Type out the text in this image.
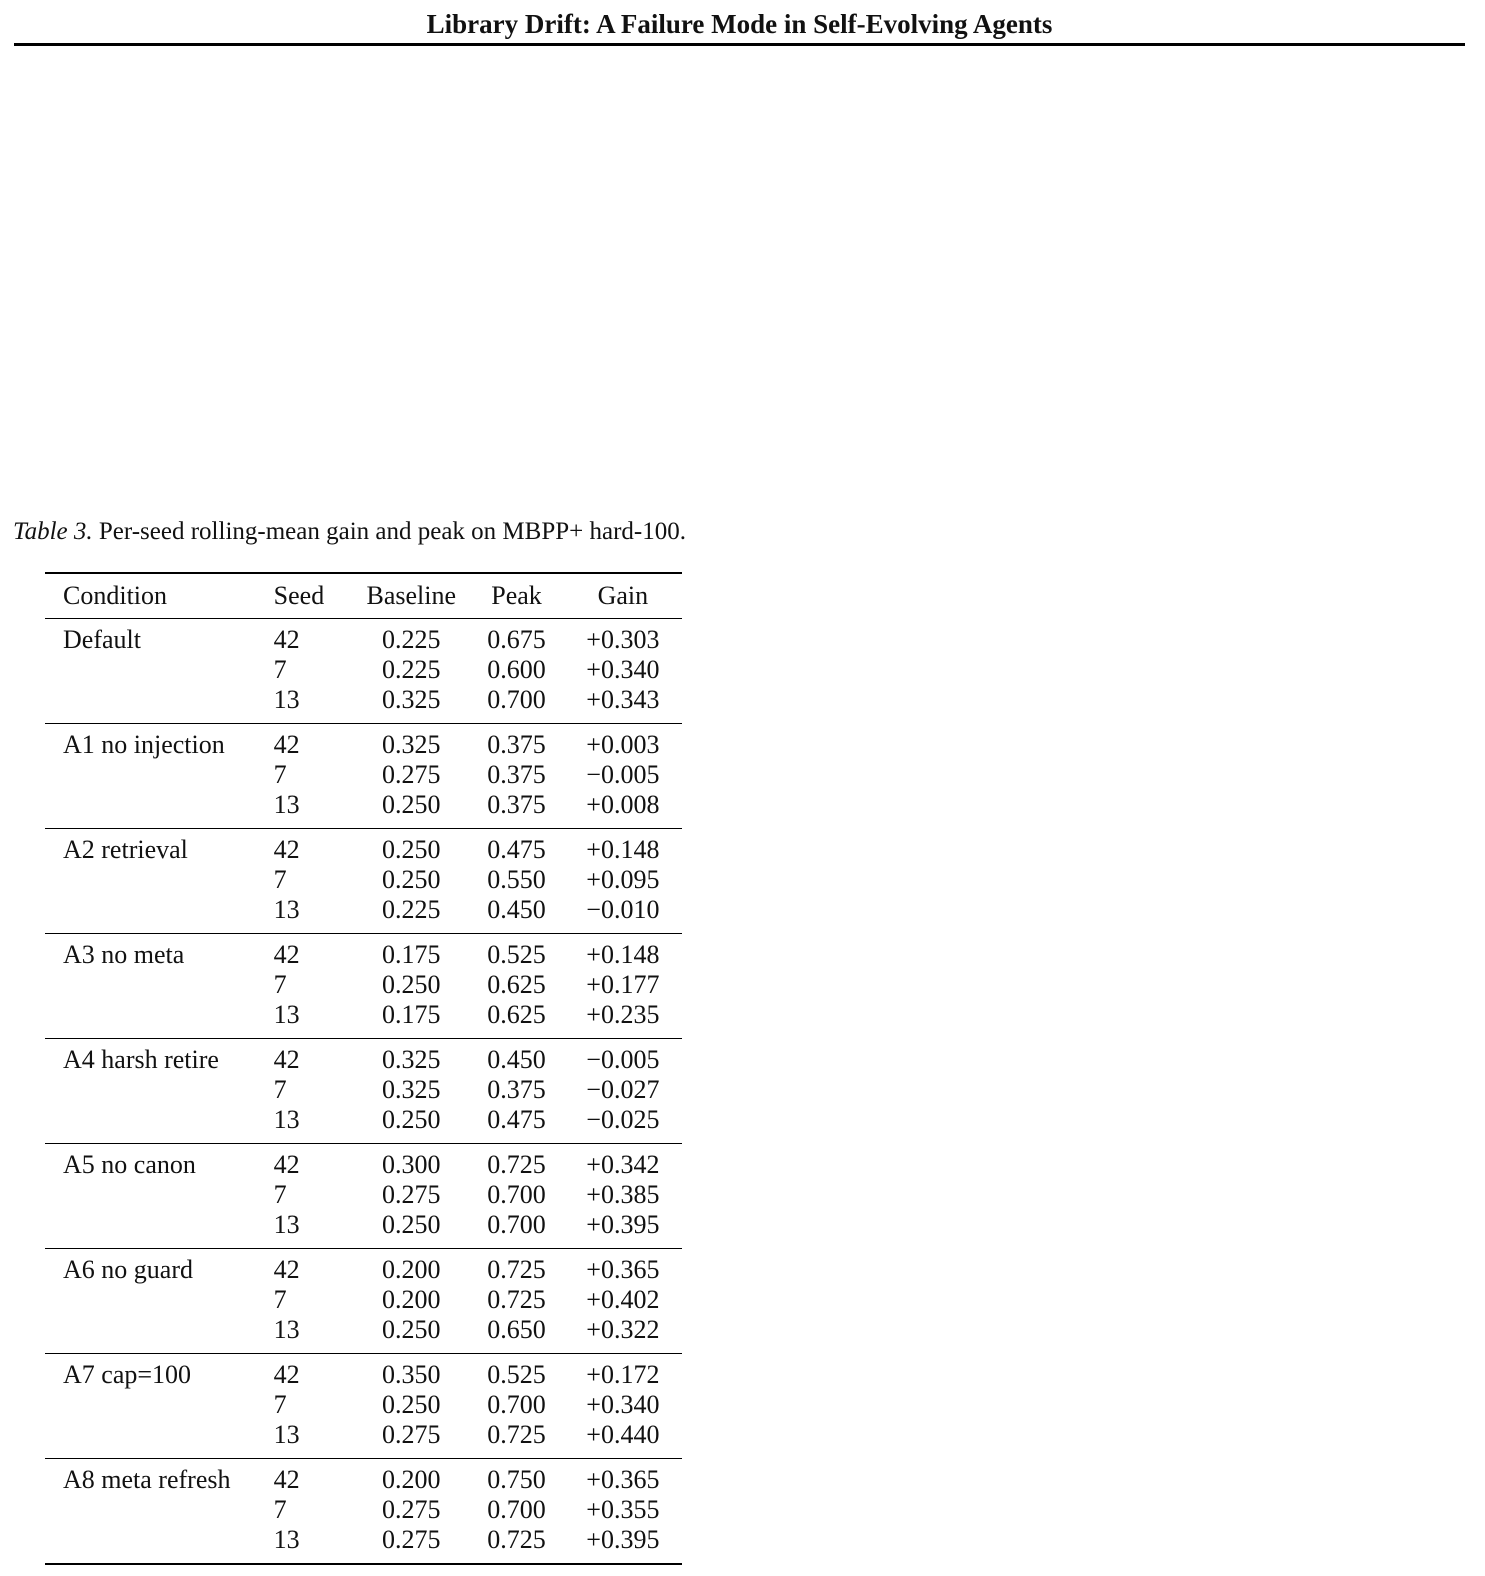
Library Drift: A Failure Mode in Self-Evolving Agents
Table 3. Per-seed rolling-mean gain and peak on MBPP+ hard-100.
Condition	Seed	Baseline	Peak	Gain
Default	42	0.225	0.675	+0.303
	7	0.225	0.600	+0.340
	13	0.325	0.700	+0.343
A1 no injection	42	0.325	0.375	+0.003
	7	0.275	0.375	−0.005
	13	0.250	0.375	+0.008
A2 retrieval	42	0.250	0.475	+0.148
	7	0.250	0.550	+0.095
	13	0.225	0.450	−0.010
A3 no meta	42	0.175	0.525	+0.148
	7	0.250	0.625	+0.177
	13	0.175	0.625	+0.235
A4 harsh retire	42	0.325	0.450	−0.005
	7	0.325	0.375	−0.027
	13	0.250	0.475	−0.025
A5 no canon	42	0.300	0.725	+0.342
	7	0.275	0.700	+0.385
	13	0.250	0.700	+0.395
A6 no guard	42	0.200	0.725	+0.365
	7	0.200	0.725	+0.402
	13	0.250	0.650	+0.322
A7 cap=100	42	0.350	0.525	+0.172
	7	0.250	0.700	+0.340
	13	0.275	0.725	+0.440
A8 meta refresh	42	0.200	0.750	+0.365
	7	0.275	0.700	+0.355
	13	0.275	0.725	+0.395
